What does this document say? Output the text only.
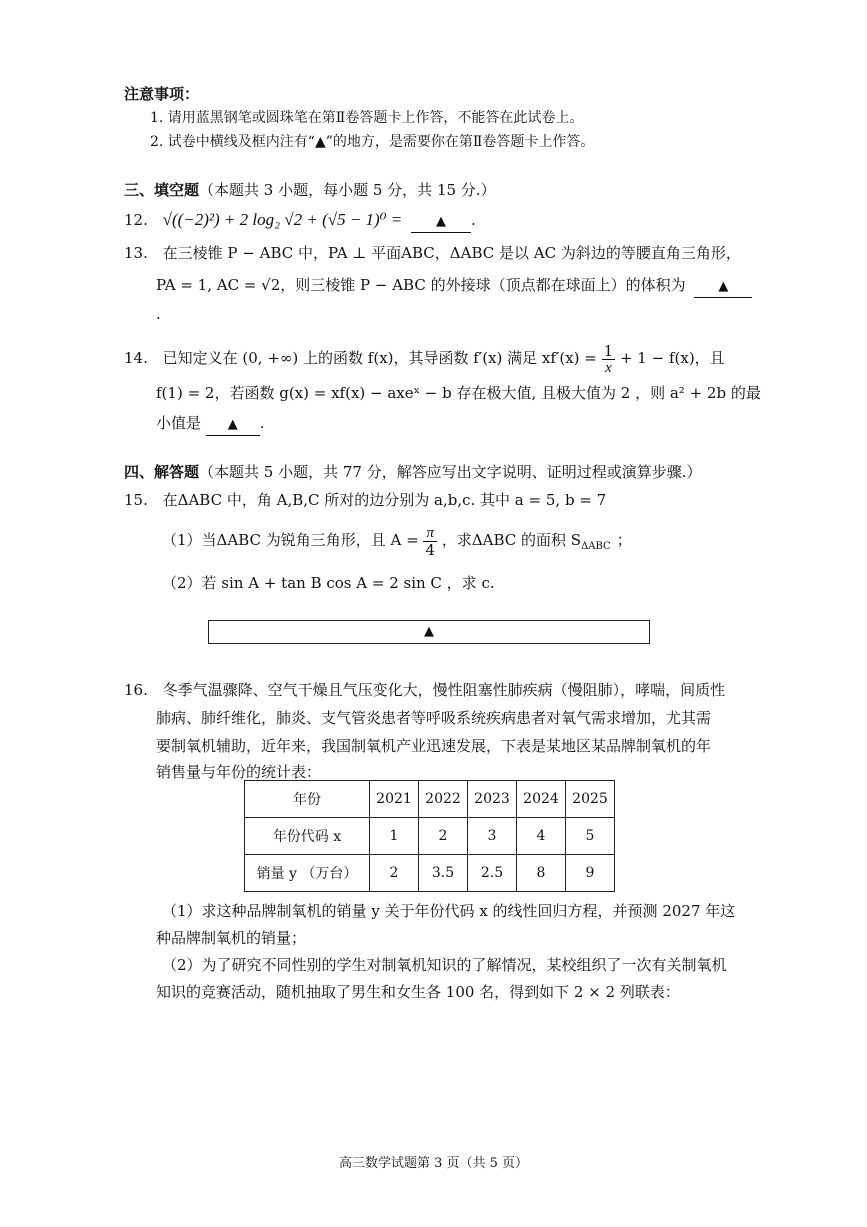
注意事项：
1. 请用蓝黑钢笔或圆珠笔在第Ⅱ卷答题卡上作答，不能答在此试卷上。
2. 试卷中横线及框内注有“▲”的地方，是需要你在第Ⅱ卷答题卡上作答。
三、填空题（本题共 3 小题，每小题 5 分，共 15 分.）
12. √((−2)²) + 2 log₂ √2 + (√5 − 1)⁰ =	▲ .
13. 在三棱锥 P − ABC 中，PA ⊥ 平面ABC，ΔABC 是以 AC 为斜边的等腰直角三角形，
PA = 1, AC = √2，则三棱锥 P − ABC 的外接球（顶点都在球面上）的体积为	▲
.
14. 已知定义在 (0, +∞) 上的函数 f(x)，其导函数 f′(x) 满足 $xf'(x) = \frac{1}{x} + 1 - f(x)$，且
f(1) = 2，若函数 g(x) = xf(x) − axeˣ − b 存在极大值, 且极大值为 2 ，则 a² + 2b 的最
小值是 ▲ .
四、解答题（本题共 5 小题，共 77 分，解答应写出文字说明、证明过程或演算步骤.）
15. 在ΔABC 中，角 A,B,C 所对的边分别为 a,b,c. 其中 a = 5, b = 7
（1）当ΔABC 为锐角三角形，且 $A = \frac{\pi}{4}$ ，求ΔABC 的面积 $S_{\Delta ABC}$ ；
（2）若 sin A + tan B cos A = 2 sin C ，求 c.
▲
16. 冬季气温骤降、空气干燥且气压变化大，慢性阻塞性肺疾病（慢阻肺），哮喘，间质性
肺病、肺纤维化，肺炎、支气管炎患者等呼吸系统疾病患者对氧气需求增加，尤其需
要制氧机辅助，近年来，我国制氧机产业迅速发展，下表是某地区某品牌制氧机的年
销售量与年份的统计表：
年份	2021	2022	2023	2024	2025
年份代码 x	1	2	3	4	5
销量 y （万台）	2	3.5	2.5	8	9
（1）求这种品牌制氧机的销量 y 关于年份代码 x 的线性回归方程，并预测 2027 年这
种品牌制氧机的销量；
（2）为了研究不同性别的学生对制氧机知识的了解情况，某校组织了一次有关制氧机
知识的竞赛活动，随机抽取了男生和女生各 100 名，得到如下 2 × 2 列联表：
高三数学试题第 3 页（共 5 页）
